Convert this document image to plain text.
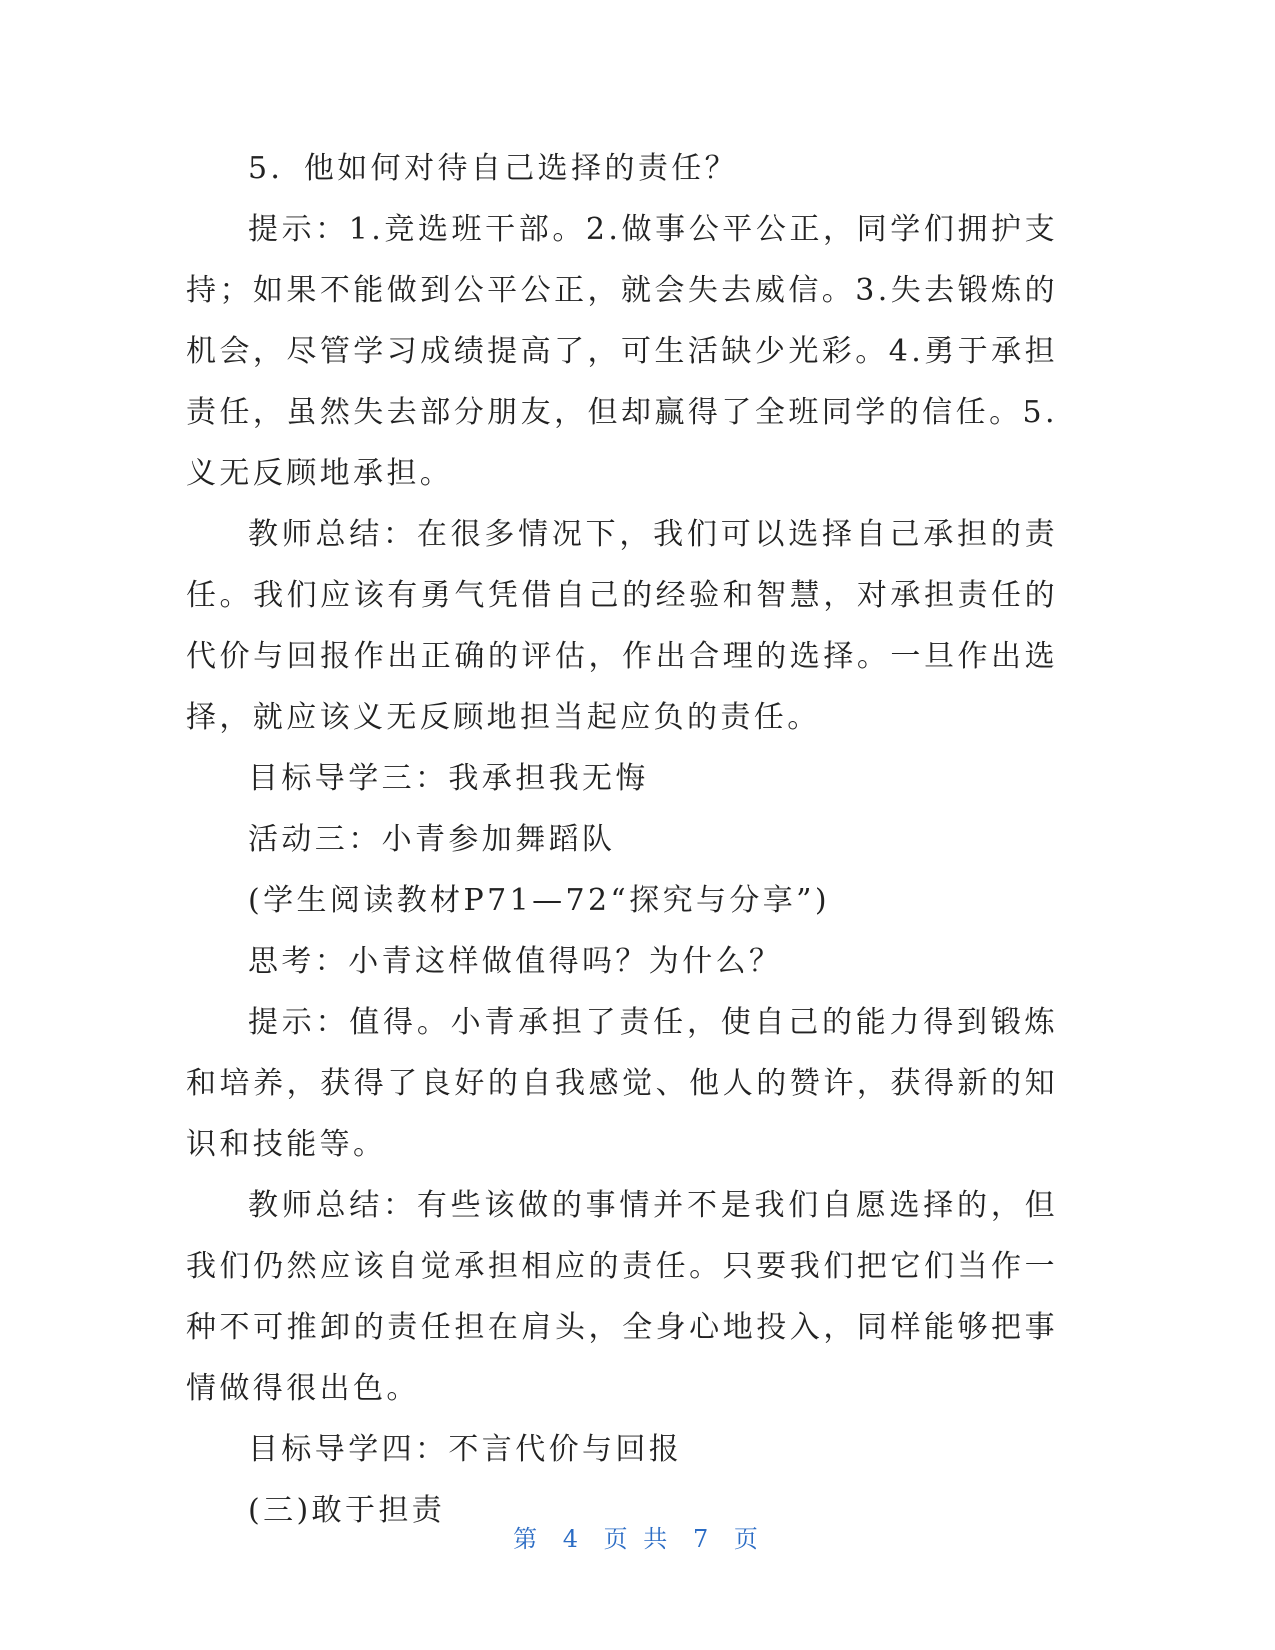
5．他如何对待自己选择的责任？

提示：1.竞选班干部。2.做事公平公正，同学们拥护支持；如果不能做到公平公正，就会失去威信。3.失去锻炼的机会，尽管学习成绩提高了，可生活缺少光彩。4.勇于承担责任，虽然失去部分朋友，但却赢得了全班同学的信任。5.义无反顾地承担。

教师总结：在很多情况下，我们可以选择自己承担的责任。我们应该有勇气凭借自己的经验和智慧，对承担责任的代价与回报作出正确的评估，作出合理的选择。一旦作出选择，就应该义无反顾地担当起应负的责任。

目标导学三：我承担我无悔

活动三：小青参加舞蹈队

(学生阅读教材P71—72“探究与分享”)

思考：小青这样做值得吗？为什么？

提示：值得。小青承担了责任，使自己的能力得到锻炼和培养，获得了良好的自我感觉、他人的赞许，获得新的知识和技能等。

教师总结：有些该做的事情并不是我们自愿选择的，但我们仍然应该自觉承担相应的责任。只要我们把它们当作一种不可推卸的责任担在肩头，全身心地投入，同样能够把事情做得很出色。

目标导学四：不言代价与回报

(三)敢于担责

第 4 页 共 7 页
